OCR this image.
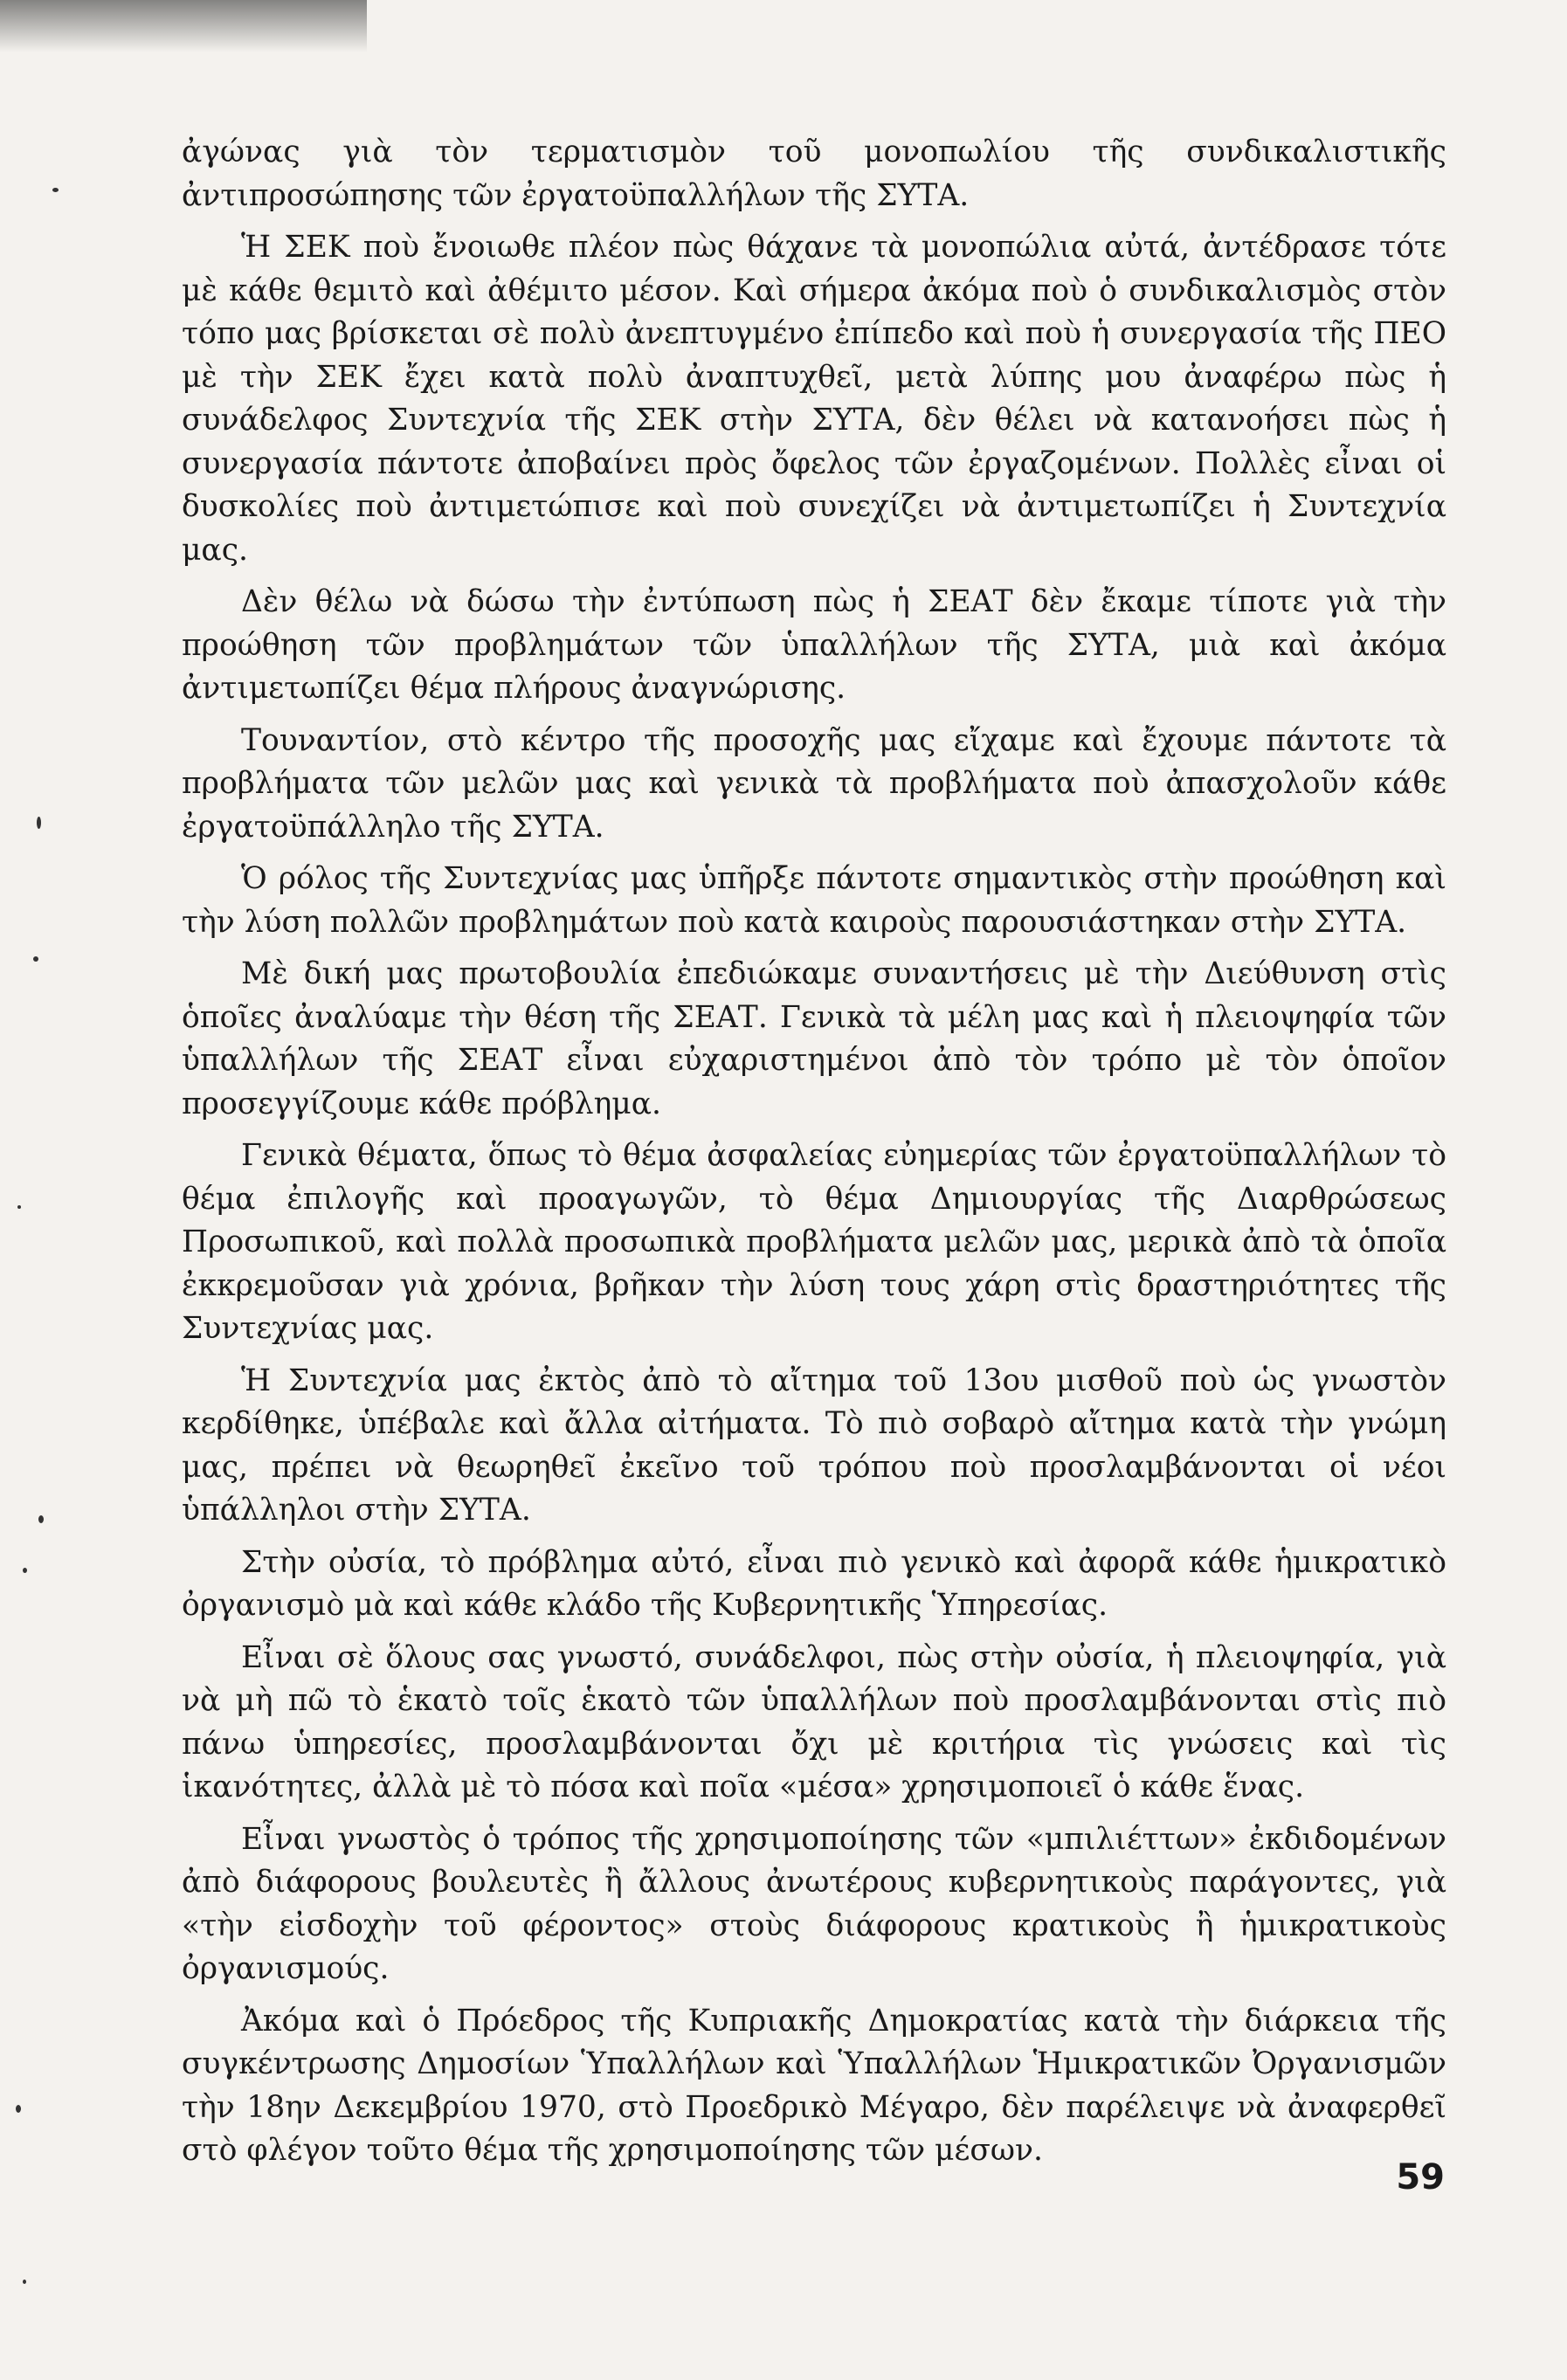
ἀγώνας γιὰ τὸν τερματισμὸν τοῦ μονοπωλίου τῆς συνδικαλιστικῆς ἀντιπροσώπησης τῶν ἐργατοϋπαλλήλων τῆς ΣΥΤΑ.

Ἡ ΣΕΚ ποὺ ἔνοιωθε πλέον πὼς θάχανε τὰ μονοπώλια αὐτά, ἀντέδρασε τότε μὲ κάθε θεμιτὸ καὶ ἀθέμιτο μέσον. Καὶ σήμερα ἀκόμα ποὺ ὁ συνδικαλισμὸς στὸν τόπο μας βρίσκεται σὲ πολὺ ἀνεπτυγμένο ἐπίπεδο καὶ ποὺ ἡ συνεργασία τῆς ΠΕΟ μὲ τὴν ΣΕΚ ἔχει κατὰ πολὺ ἀναπτυχθεῖ, μετὰ λύπης μου ἀναφέρω πὼς ἡ συνάδελφος Συντεχνία τῆς ΣΕΚ στὴν ΣΥΤΑ, δὲν θέλει νὰ κατανοήσει πὼς ἡ συνεργασία πάντοτε ἀποβαίνει πρὸς ὄφελος τῶν ἐργαζομένων. Πολλὲς εἶναι οἱ δυσκολίες ποὺ ἀντιμετώπισε καὶ ποὺ συνεχίζει νὰ ἀντιμετωπίζει ἡ Συντεχνία μας.

Δὲν θέλω νὰ δώσω τὴν ἐντύπωση πὼς ἡ ΣΕΑΤ δὲν ἔκαμε τίποτε γιὰ τὴν προώθηση τῶν προβλημάτων τῶν ὑπαλλήλων τῆς ΣΥΤΑ, μιὰ καὶ ἀκόμα ἀντιμετωπίζει θέμα πλήρους ἀναγνώρισης.

Τουναντίον, στὸ κέντρο τῆς προσοχῆς μας εἴχαμε καὶ ἔχουμε πάντοτε τὰ προβλήματα τῶν μελῶν μας καὶ γενικὰ τὰ προβλήματα ποὺ ἀπασχολοῦν κάθε ἐργατοϋπάλληλο τῆς ΣΥΤΑ.

Ὁ ρόλος τῆς Συντεχνίας μας ὑπῆρξε πάντοτε σημαντικὸς στὴν προώθηση καὶ τὴν λύση πολλῶν προβλημάτων ποὺ κατὰ καιροὺς παρουσιάστηκαν στὴν ΣΥΤΑ.

Μὲ δική μας πρωτοβουλία ἐπεδιώκαμε συναντήσεις μὲ τὴν Διεύθυνση στὶς ὁποῖες ἀναλύαμε τὴν θέση τῆς ΣΕΑΤ. Γενικὰ τὰ μέλη μας καὶ ἡ πλειοψηφία τῶν ὑπαλλήλων τῆς ΣΕΑΤ εἶναι εὐχαριστημένοι ἀπὸ τὸν τρόπο μὲ τὸν ὁποῖον προσεγγίζουμε κάθε πρόβλημα.

Γενικὰ θέματα, ὅπως τὸ θέμα ἀσφαλείας εὐημερίας τῶν ἐργατοϋπαλλήλων τὸ θέμα ἐπιλογῆς καὶ προαγωγῶν, τὸ θέμα Δημιουργίας τῆς Διαρθρώσεως Προσωπικοῦ, καὶ πολλὰ προσωπικὰ προβλήματα μελῶν μας, μερικὰ ἀπὸ τὰ ὁποῖα ἐκκρεμοῦσαν γιὰ χρόνια, βρῆκαν τὴν λύση τους χάρη στὶς δραστηριότητες τῆς Συντεχνίας μας.

Ἡ Συντεχνία μας ἐκτὸς ἀπὸ τὸ αἴτημα τοῦ 13ου μισθοῦ ποὺ ὡς γνωστὸν κερδίθηκε, ὑπέβαλε καὶ ἄλλα αἰτήματα. Τὸ πιὸ σοβαρὸ αἴτημα κατὰ τὴν γνώμη μας, πρέπει νὰ θεωρηθεῖ ἐκεῖνο τοῦ τρόπου ποὺ προσλαμβάνονται οἱ νέοι ὑπάλληλοι στὴν ΣΥΤΑ.

Στὴν οὐσία, τὸ πρόβλημα αὐτό, εἶναι πιὸ γενικὸ καὶ ἀφορᾶ κάθε ἡμικρατικὸ ὀργανισμὸ μὰ καὶ κάθε κλάδο τῆς Κυβερνητικῆς Ὑπηρεσίας.

Εἶναι σὲ ὅλους σας γνωστό, συνάδελφοι, πὼς στὴν οὐσία, ἡ πλειοψηφία, γιὰ νὰ μὴ πῶ τὸ ἑκατὸ τοῖς ἑκατὸ τῶν ὑπαλλήλων ποὺ προσλαμβάνονται στὶς πιὸ πάνω ὑπηρεσίες, προσλαμβάνονται ὄχι μὲ κριτήρια τὶς γνώσεις καὶ τὶς ἱκανότητες, ἀλλὰ μὲ τὸ πόσα καὶ ποῖα «μέσα» χρησιμοποιεῖ ὁ κάθε ἕνας.

Εἶναι γνωστὸς ὁ τρόπος τῆς χρησιμοποίησης τῶν «μπιλιέττων» ἐκδιδομένων ἀπὸ διάφορους βουλευτὲς ἢ ἄλλους ἀνωτέρους κυβερνητικοὺς παράγοντες, γιὰ «τὴν εἰσδοχὴν τοῦ φέροντος» στοὺς διάφορους κρατικοὺς ἢ ἡμικρατικοὺς ὀργανισμούς.

Ἀκόμα καὶ ὁ Πρόεδρος τῆς Κυπριακῆς Δημοκρατίας κατὰ τὴν διάρκεια τῆς συγκέντρωσης Δημοσίων Ὑπαλλήλων καὶ Ὑπαλλήλων Ἡμικρατικῶν Ὀργανισμῶν τὴν 18ην Δεκεμβρίου 1970, στὸ Προεδρικὸ Μέγαρο, δὲν παρέλειψε νὰ ἀναφερθεῖ στὸ φλέγον τοῦτο θέμα τῆς χρησιμοποίησης τῶν μέσων.

59
